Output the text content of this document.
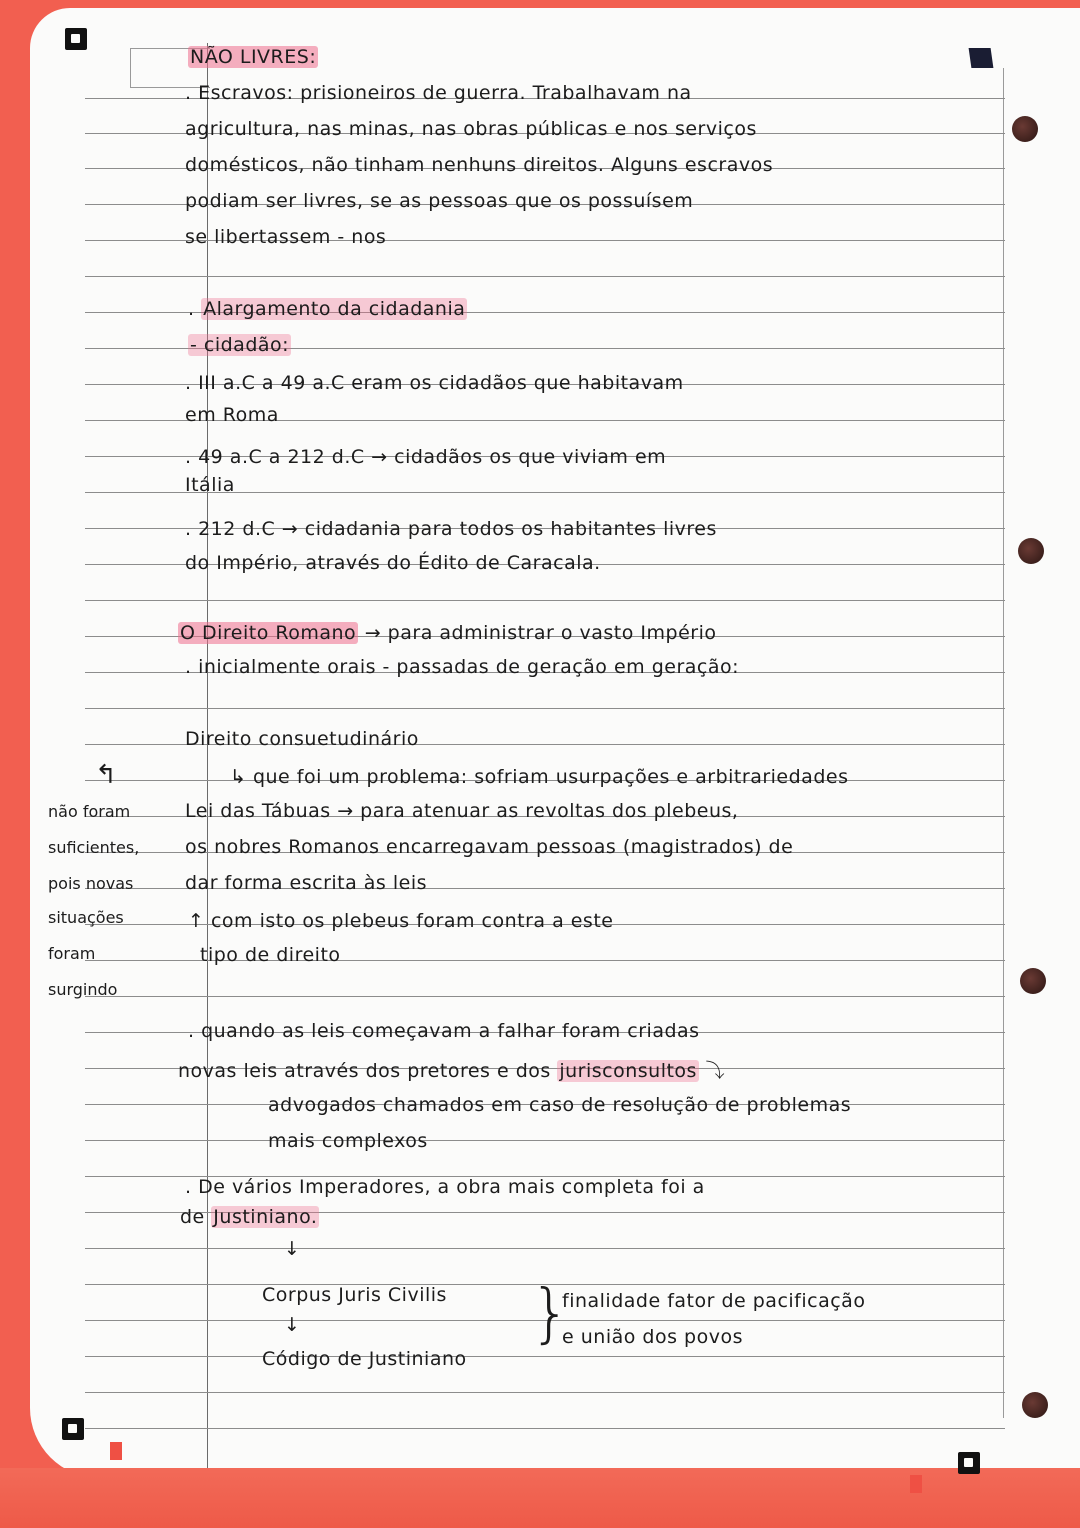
NÃO LIVRES:
. Escravos: prisioneiros de guerra. Trabalhavam na
agricultura, nas minas, nas obras públicas e nos serviços
domésticos, não tinham nenhuns direitos. Alguns escravos
podiam ser livres, se as pessoas que os possuísem
se libertassem - nos
. Alargamento da cidadania
- cidadão:
. III a.C a 49 a.C eram os cidadãos que habitavam
em Roma
. 49 a.C a 212 d.C → cidadãos os que viviam em
Itália
. 212 d.C → cidadania para todos os habitantes livres
do Império, através do Édito de Caracala.
O Direito Romano → para administrar o vasto Império
. inicialmente orais - passadas de geração em geração:
Direito consuetudinário
↰	↳ que foi um problema: sofriam usurpações e arbitrariedades
Lei das Tábuas → para atenuar as revoltas dos plebeus,
os nobres Romanos encarregavam pessoas (magistrados) de
dar forma escrita às leis
↑ com isto os plebeus foram contra a este
tipo de direito
não foram
suficientes,
pois novas
situações
foram
surgindo
. quando as leis começavam a falhar foram criadas
novas leis através dos pretores e dos jurisconsultos ⤵
advogados chamados em caso de resolução de problemas
mais complexos
. De vários Imperadores, a obra mais completa foi a
de Justiniano.
↓
Corpus Juris Civilis
↓
Código de Justiniano
}
finalidade fator de pacificação
e união dos povos
